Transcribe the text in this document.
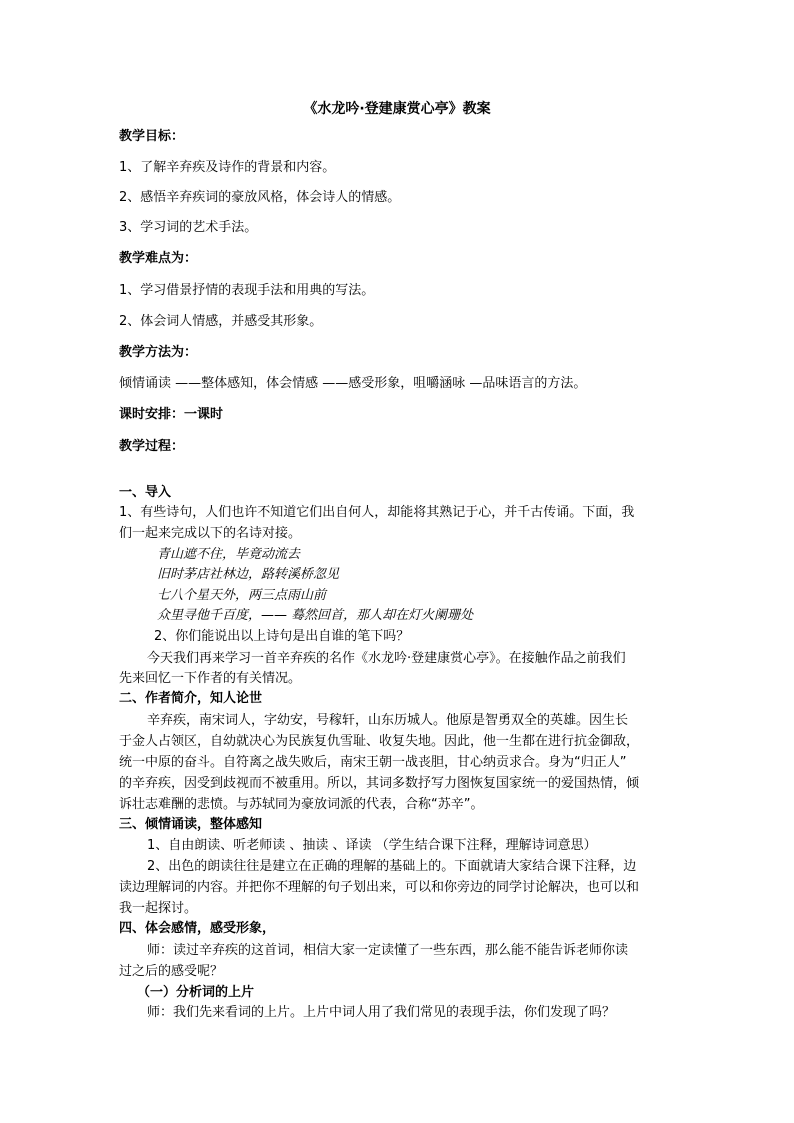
《水龙吟·登建康赏心亭》教案
教学目标：
1、了解辛弃疾及诗作的背景和内容。
2、感悟辛弃疾词的豪放风格，体会诗人的情感。
3、学习词的艺术手法。
教学难点为：
1、学习借景抒情的表现手法和用典的写法。
2、体会词人情感，并感受其形象。
教学方法为：
倾情诵读 ——整体感知，体会情感 ——感受形象，咀嚼涵咏 —品味语言的方法。
课时安排：一课时
教学过程：
一、导入
1、有些诗句，人们也许不知道它们出自何人，却能将其熟记于心，并千古传诵。下面，我
们一起来完成以下的名诗对接。
青山遮不住，毕竟动流去
旧时茅店社林边，路转溪桥忽见
七八个星天外，两三点雨山前
众里寻他千百度，—— 蓦然回首，那人却在灯火阑珊处
2、你们能说出以上诗句是出自谁的笔下吗？
今天我们再来学习一首辛弃疾的名作《水龙吟·登建康赏心亭》。在接触作品之前我们
先来回忆一下作者的有关情况。
二、作者简介，知人论世
辛弃疾，南宋词人，字幼安，号稼轩，山东历城人。他原是智勇双全的英雄。因生长
于金人占领区，自幼就决心为民族复仇雪耻、收复失地。因此，他一生都在进行抗金御敌，
统一中原的奋斗。自符离之战失败后，南宋王朝一战丧胆，甘心纳贡求合。身为“归正人”
的辛弃疾，因受到歧视而不被重用。所以，其词多数抒写力图恢复国家统一的爱国热情，倾
诉壮志难酬的悲愤。与苏轼同为豪放词派的代表，合称“苏辛”。
三、倾情诵读，整体感知
1、自由朗读、听老师读 、抽读 、译读 （学生结合课下注释，理解诗词意思）
2、出色的朗读往往是建立在正确的理解的基础上的。下面就请大家结合课下注释，边
读边理解词的内容。并把你不理解的句子划出来，可以和你旁边的同学讨论解决，也可以和
我一起探讨。
四、体会感情，感受形象，
师：读过辛弃疾的这首词，相信大家一定读懂了一些东西，那么能不能告诉老师你读
过之后的感受呢？
（一）分析词的上片
师：我们先来看词的上片。上片中词人用了我们常见的表现手法，你们发现了吗？
